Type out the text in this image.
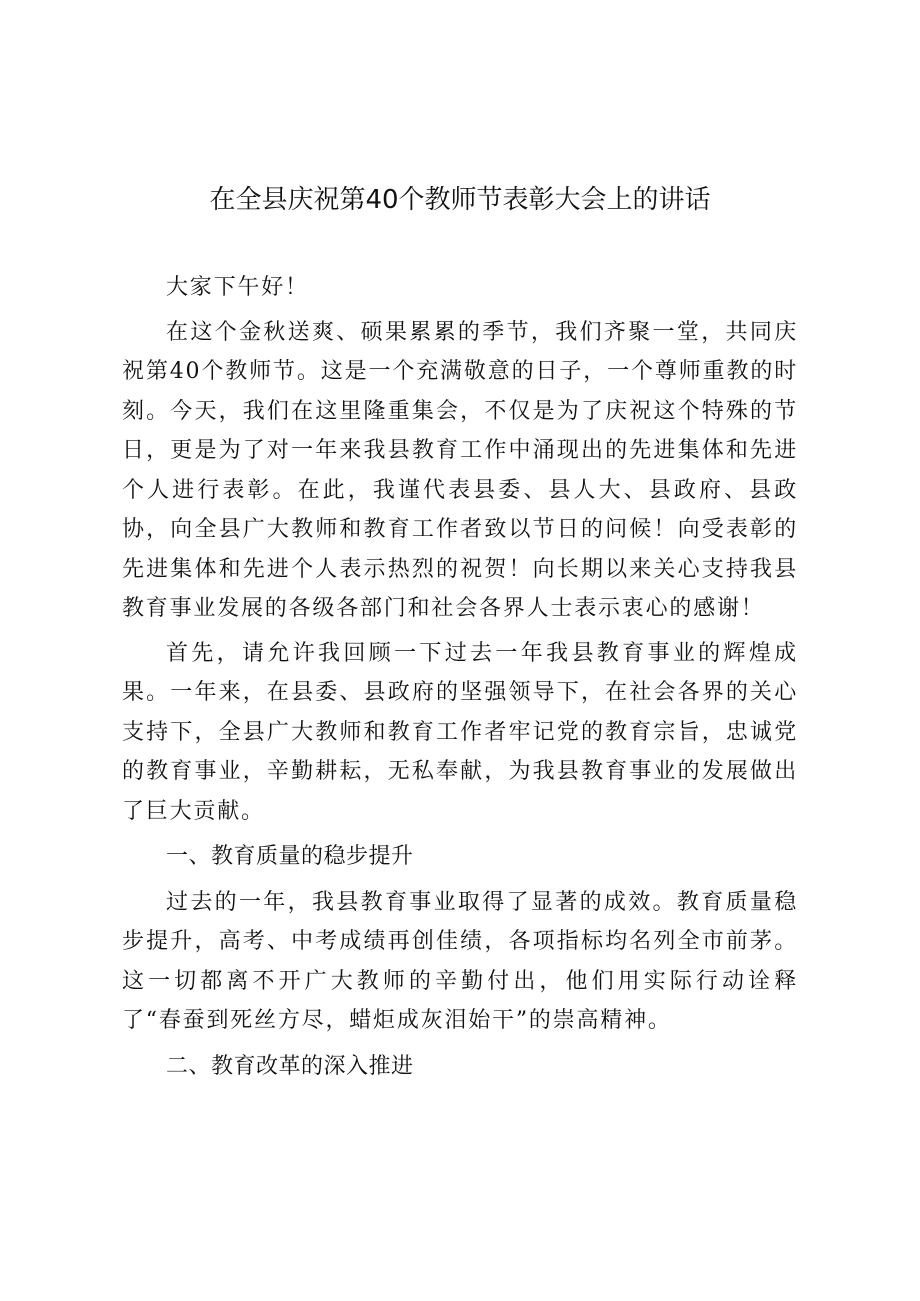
在全县庆祝第40个教师节表彰大会上的讲话

大家下午好！

在这个金秋送爽、硕果累累的季节，我们齐聚一堂，共同庆祝第40个教师节。这是一个充满敬意的日子，一个尊师重教的时刻。今天，我们在这里隆重集会，不仅是为了庆祝这个特殊的节日，更是为了对一年来我县教育工作中涌现出的先进集体和先进个人进行表彰。在此，我谨代表县委、县人大、县政府、县政协，向全县广大教师和教育工作者致以节日的问候！向受表彰的先进集体和先进个人表示热烈的祝贺！向长期以来关心支持我县教育事业发展的各级各部门和社会各界人士表示衷心的感谢！

首先，请允许我回顾一下过去一年我县教育事业的辉煌成果。一年来，在县委、县政府的坚强领导下，在社会各界的关心支持下，全县广大教师和教育工作者牢记党的教育宗旨，忠诚党的教育事业，辛勤耕耘，无私奉献，为我县教育事业的发展做出了巨大贡献。

一、教育质量的稳步提升

过去的一年，我县教育事业取得了显著的成效。教育质量稳步提升，高考、中考成绩再创佳绩，各项指标均名列全市前茅。这一切都离不开广大教师的辛勤付出，他们用实际行动诠释了“春蚕到死丝方尽，蜡炬成灰泪始干”的崇高精神。

二、教育改革的深入推进
